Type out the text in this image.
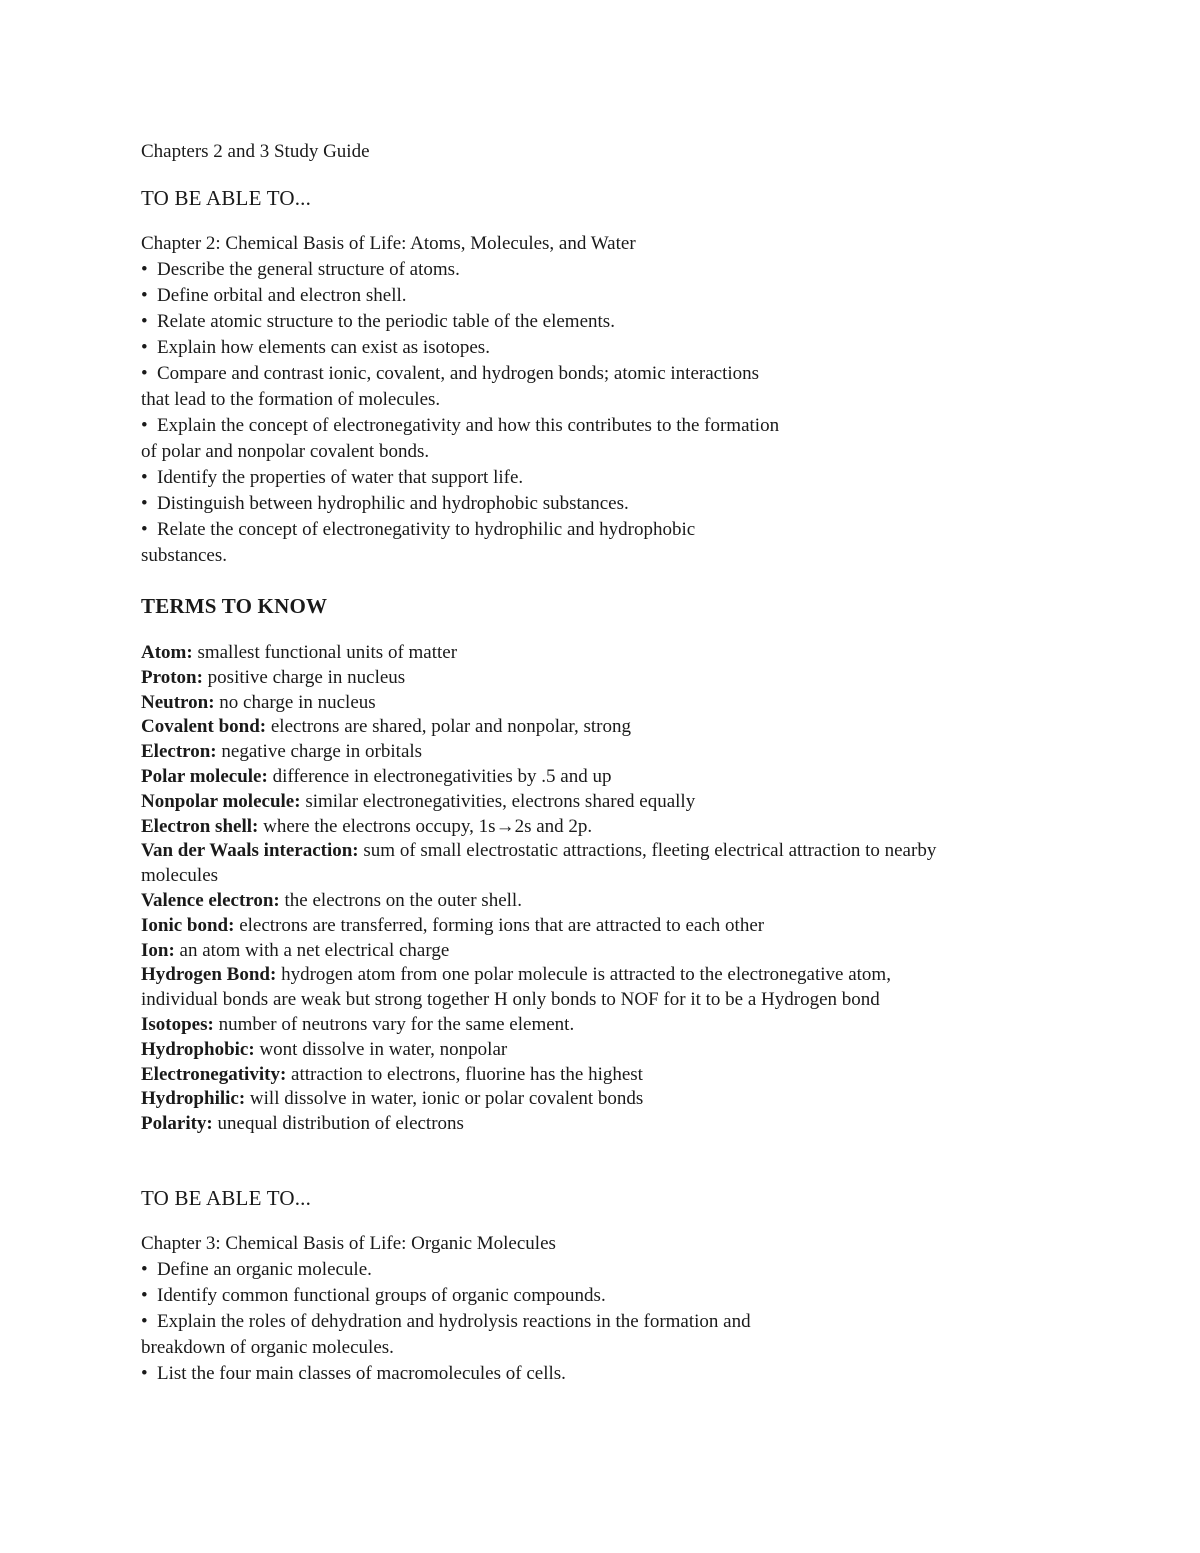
Chapters 2 and 3 Study Guide

TO BE ABLE TO...

Chapter 2: Chemical Basis of Life: Atoms, Molecules, and Water

• Describe the general structure of atoms.
• Define orbital and electron shell.
• Relate atomic structure to the periodic table of the elements.
• Explain how elements can exist as isotopes.
• Compare and contrast ionic, covalent, and hydrogen bonds; atomic interactions
that lead to the formation of molecules.
• Explain the concept of electronegativity and how this contributes to the formation
of polar and nonpolar covalent bonds.
• Identify the properties of water that support life.
• Distinguish between hydrophilic and hydrophobic substances.
• Relate the concept of electronegativity to hydrophilic and hydrophobic
substances.
TERMS TO KNOW
Atom: smallest functional units of matter
Proton: positive charge in nucleus
Neutron: no charge in nucleus
Covalent bond: electrons are shared, polar and nonpolar, strong
Electron: negative charge in orbitals
Polar molecule: difference in electronegativities by .5 and up
Nonpolar molecule: similar electronegativities, electrons shared equally
Electron shell: where the electrons occupy, 1s→2s and 2p.
Van der Waals interaction: sum of small electrostatic attractions, fleeting electrical attraction to nearby
molecules
Valence electron: the electrons on the outer shell.
Ionic bond: electrons are transferred, forming ions that are attracted to each other
Ion: an atom with a net electrical charge
Hydrogen Bond: hydrogen atom from one polar molecule is attracted to the electronegative atom,
individual bonds are weak but strong together H only bonds to NOF for it to be a Hydrogen bond
Isotopes: number of neutrons vary for the same element.
Hydrophobic: wont dissolve in water, nonpolar
Electronegativity: attraction to electrons, fluorine has the highest
Hydrophilic: will dissolve in water, ionic or polar covalent bonds
Polarity: unequal distribution of electrons
TO BE ABLE TO...

Chapter 3: Chemical Basis of Life: Organic Molecules

• Define an organic molecule.
• Identify common functional groups of organic compounds.
• Explain the roles of dehydration and hydrolysis reactions in the formation and
breakdown of organic molecules.
• List the four main classes of macromolecules of cells.
